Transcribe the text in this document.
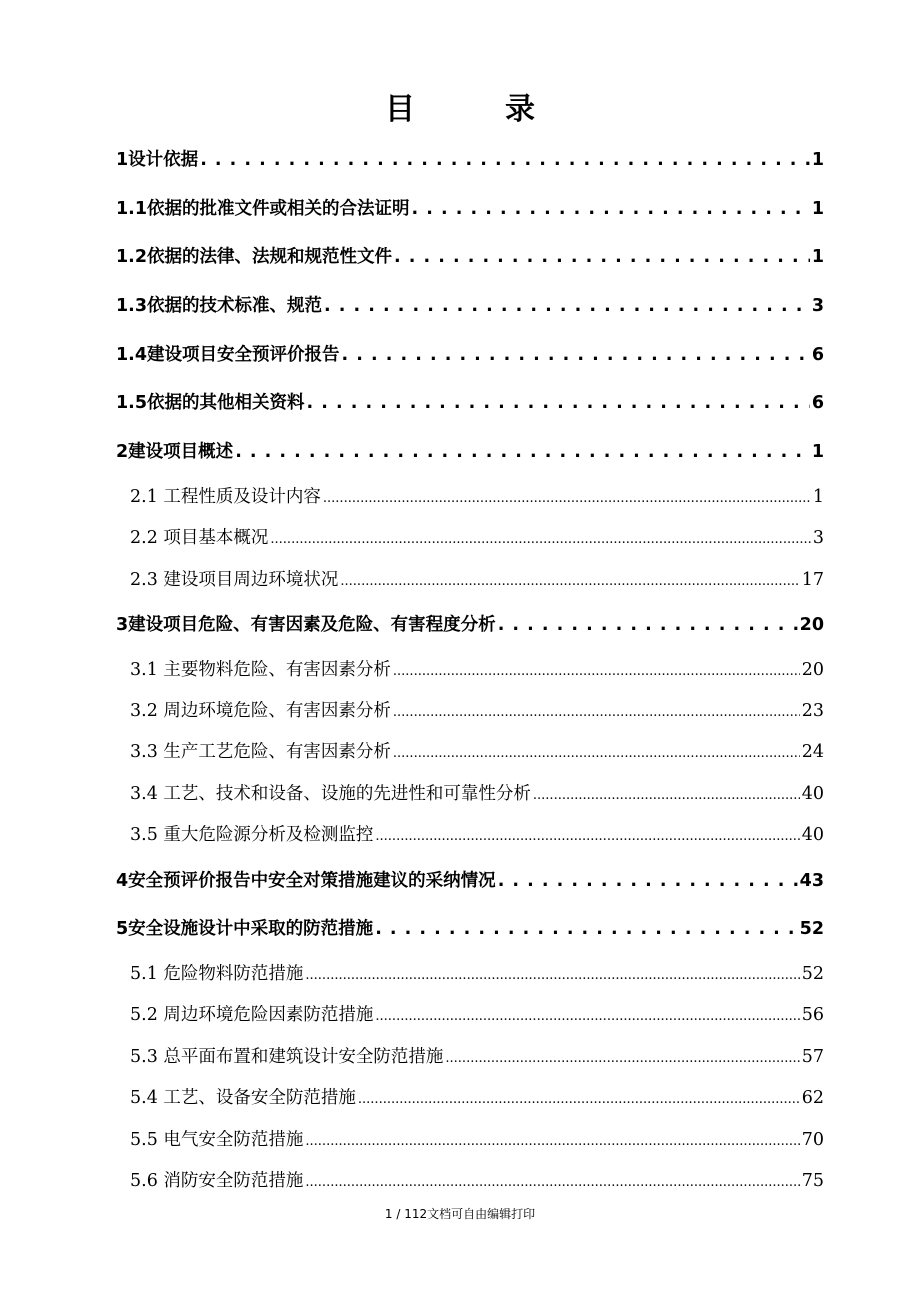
目　录
1设计依据 . . .	1
1.1依据的批准文件或相关的合法证明 . . .	1
1.2依据的法律、法规和规范性文件 . . .	1
1.3依据的技术标准、规范 . . .	3
1.4建设项目安全预评价报告 . . .	6
1.5依据的其他相关资料 . . .	6
2建设项目概述 . . .	1
2.1 工程性质及设计内容 .....	1
2.2 项目基本概况 .....	3
2.3 建设项目周边环境状况 .....	17
3建设项目危险、有害因素及危险、有害程度分析 . . .	20
3.1 主要物料危险、有害因素分析 .....	20
3.2 周边环境危险、有害因素分析 .....	23
3.3 生产工艺危险、有害因素分析 .....	24
3.4 工艺、技术和设备、设施的先进性和可靠性分析 .....	40
3.5 重大危险源分析及检测监控 .....	40
4安全预评价报告中安全对策措施建议的采纳情况 . . .	43
5安全设施设计中采取的防范措施 . . .	52
5.1 危险物料防范措施 .....	52
5.2 周边环境危险因素防范措施 .....	56
5.3 总平面布置和建筑设计安全防范措施 .....	57
5.4 工艺、设备安全防范措施 .....	62
5.5 电气安全防范措施 .....	70
5.6 消防安全防范措施 .....	75
1 / 112文档可自由编辑打印
